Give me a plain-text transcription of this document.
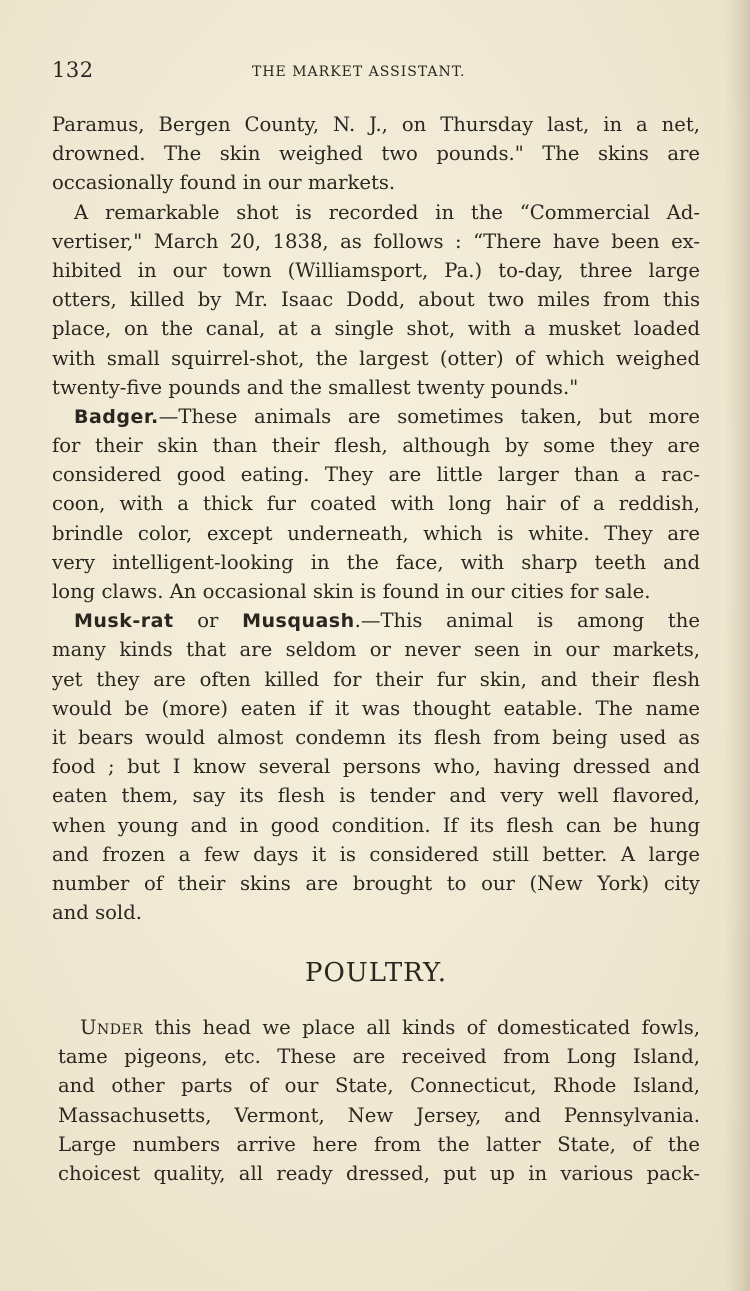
132	THE MARKET ASSISTANT.
Paramus, Bergen County, N. J., on Thursday last, in a net,
drowned. The skin weighed two pounds." The skins are
occasionally found in our markets.
A remarkable shot is recorded in the “Commercial Ad-
vertiser," March 20, 1838, as follows : “There have been ex-
hibited in our town (Williamsport, Pa.) to-day, three large
otters, killed by Mr. Isaac Dodd, about two miles from this
place, on the canal, at a single shot, with a musket loaded
with small squirrel-shot, the largest (otter) of which weighed
twenty-five pounds and the smallest twenty pounds."
Badger.—These animals are sometimes taken, but more
for their skin than their flesh, although by some they are
considered good eating. They are little larger than a rac-
coon, with a thick fur coated with long hair of a reddish,
brindle color, except underneath, which is white. They are
very intelligent-looking in the face, with sharp teeth and
long claws. An occasional skin is found in our cities for sale.
Musk-rat or Musquash.—This animal is among the
many kinds that are seldom or never seen in our markets,
yet they are often killed for their fur skin, and their flesh
would be (more) eaten if it was thought eatable. The name
it bears would almost condemn its flesh from being used as
food ; but I know several persons who, having dressed and
eaten them, say its flesh is tender and very well flavored,
when young and in good condition. If its flesh can be hung
and frozen a few days it is considered still better. A large
number of their skins are brought to our (New York) city
and sold.
POULTRY.
Under this head we place all kinds of domesticated fowls,
tame pigeons, etc. These are received from Long Island,
and other parts of our State, Connecticut, Rhode Island,
Massachusetts, Vermont, New Jersey, and Pennsylvania.
Large numbers arrive here from the latter State, of the
choicest quality, all ready dressed, put up in various pack-
